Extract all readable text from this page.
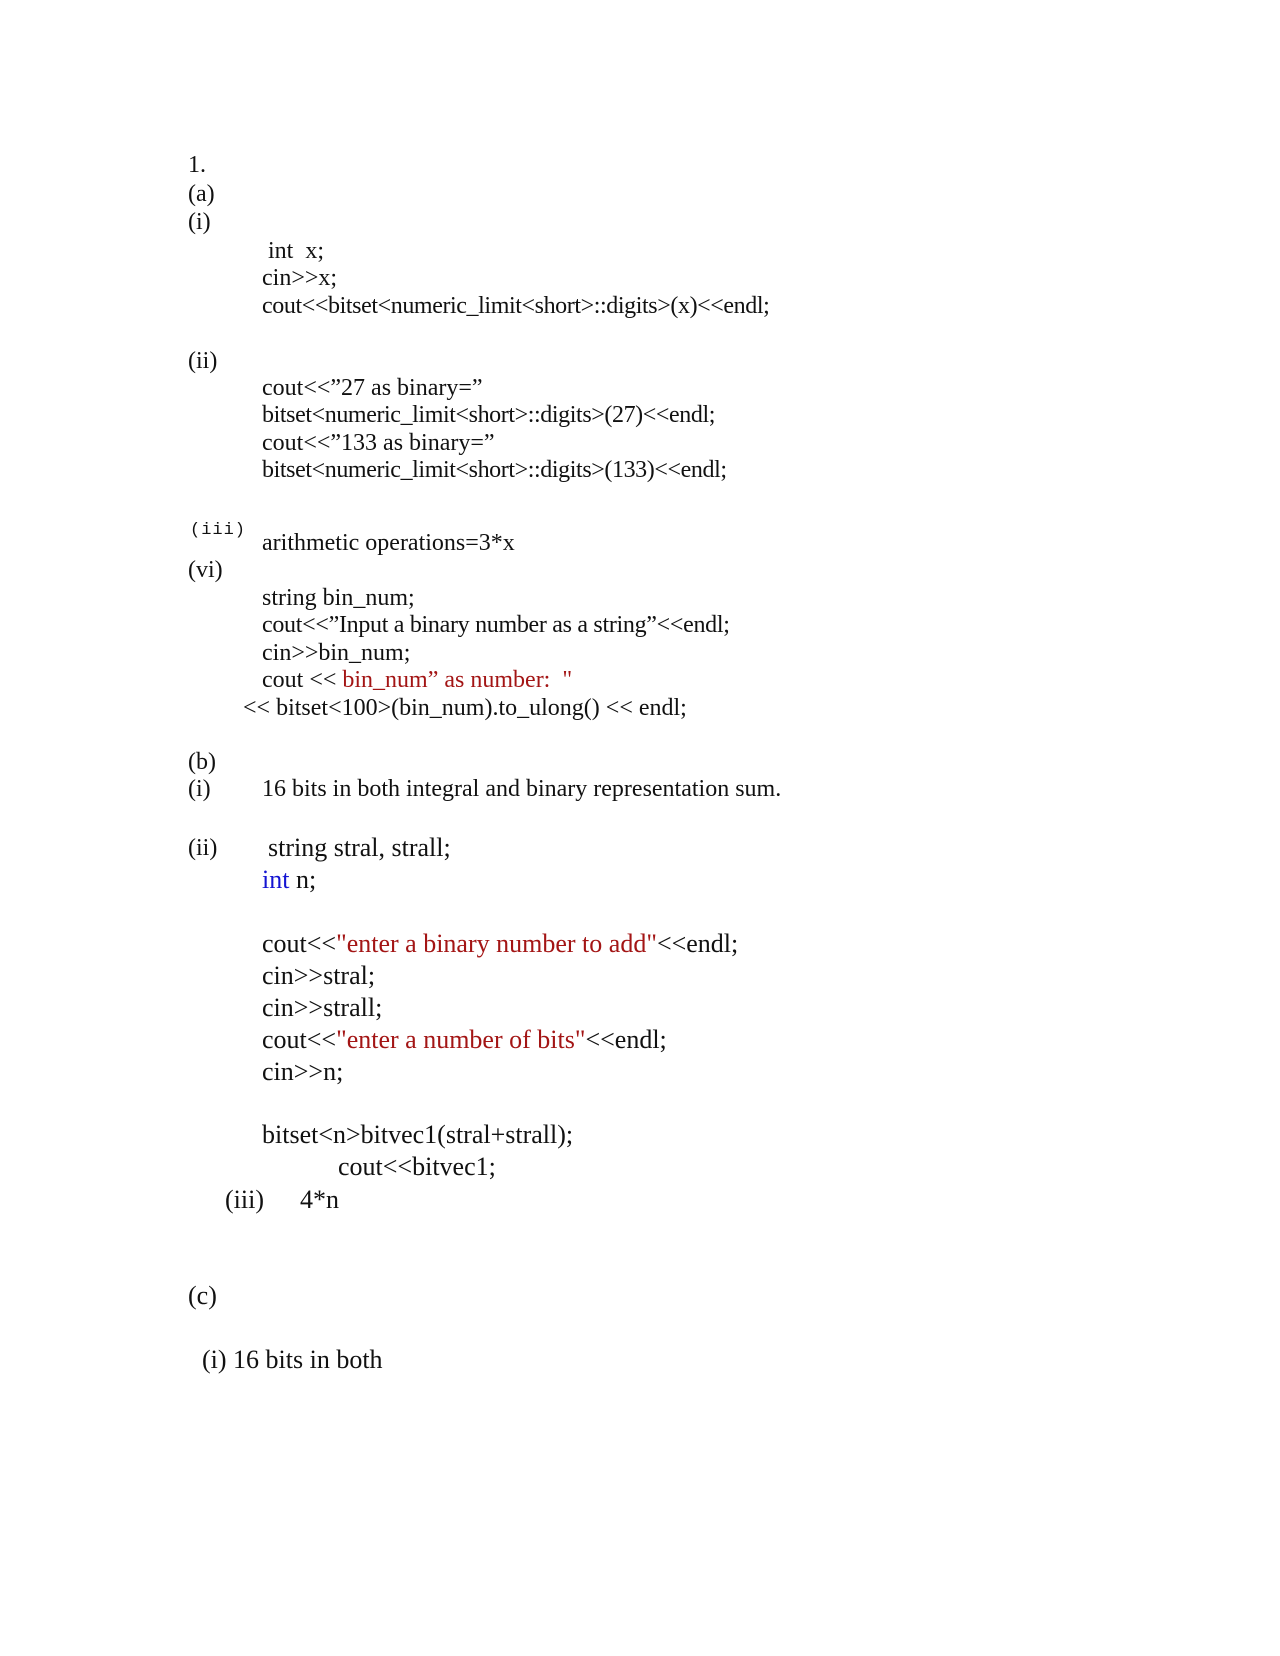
1.
(a)
(i)
int  x;
cin>>x;
cout<<bitset<numeric_limit<short>::digits>(x)<<endl;
(ii)
cout<<”27 as binary=”
bitset<numeric_limit<short>::digits>(27)<<endl;
cout<<”133 as binary=”
bitset<numeric_limit<short>::digits>(133)<<endl;
(iii) arithmetic operations=3*x
(vi)
string bin_num;
cout<<”Input a binary number as a string”<<endl;
cin>>bin_num;
cout << bin_num” as number:  "
<< bitset<100>(bin_num).to_ulong() << endl;
(b)
(i) 16 bits in both integral and binary representation sum.
(ii) string stral, strall;
int n;
cout<<"enter a binary number to add"<<endl;
cin>>stral;
cin>>strall;
cout<<"enter a number of bits"<<endl;
cin>>n;
bitset<n>bitvec1(stral+strall);
cout<<bitvec1;
(iii) 4*n
(c)
(i) 16 bits in both
